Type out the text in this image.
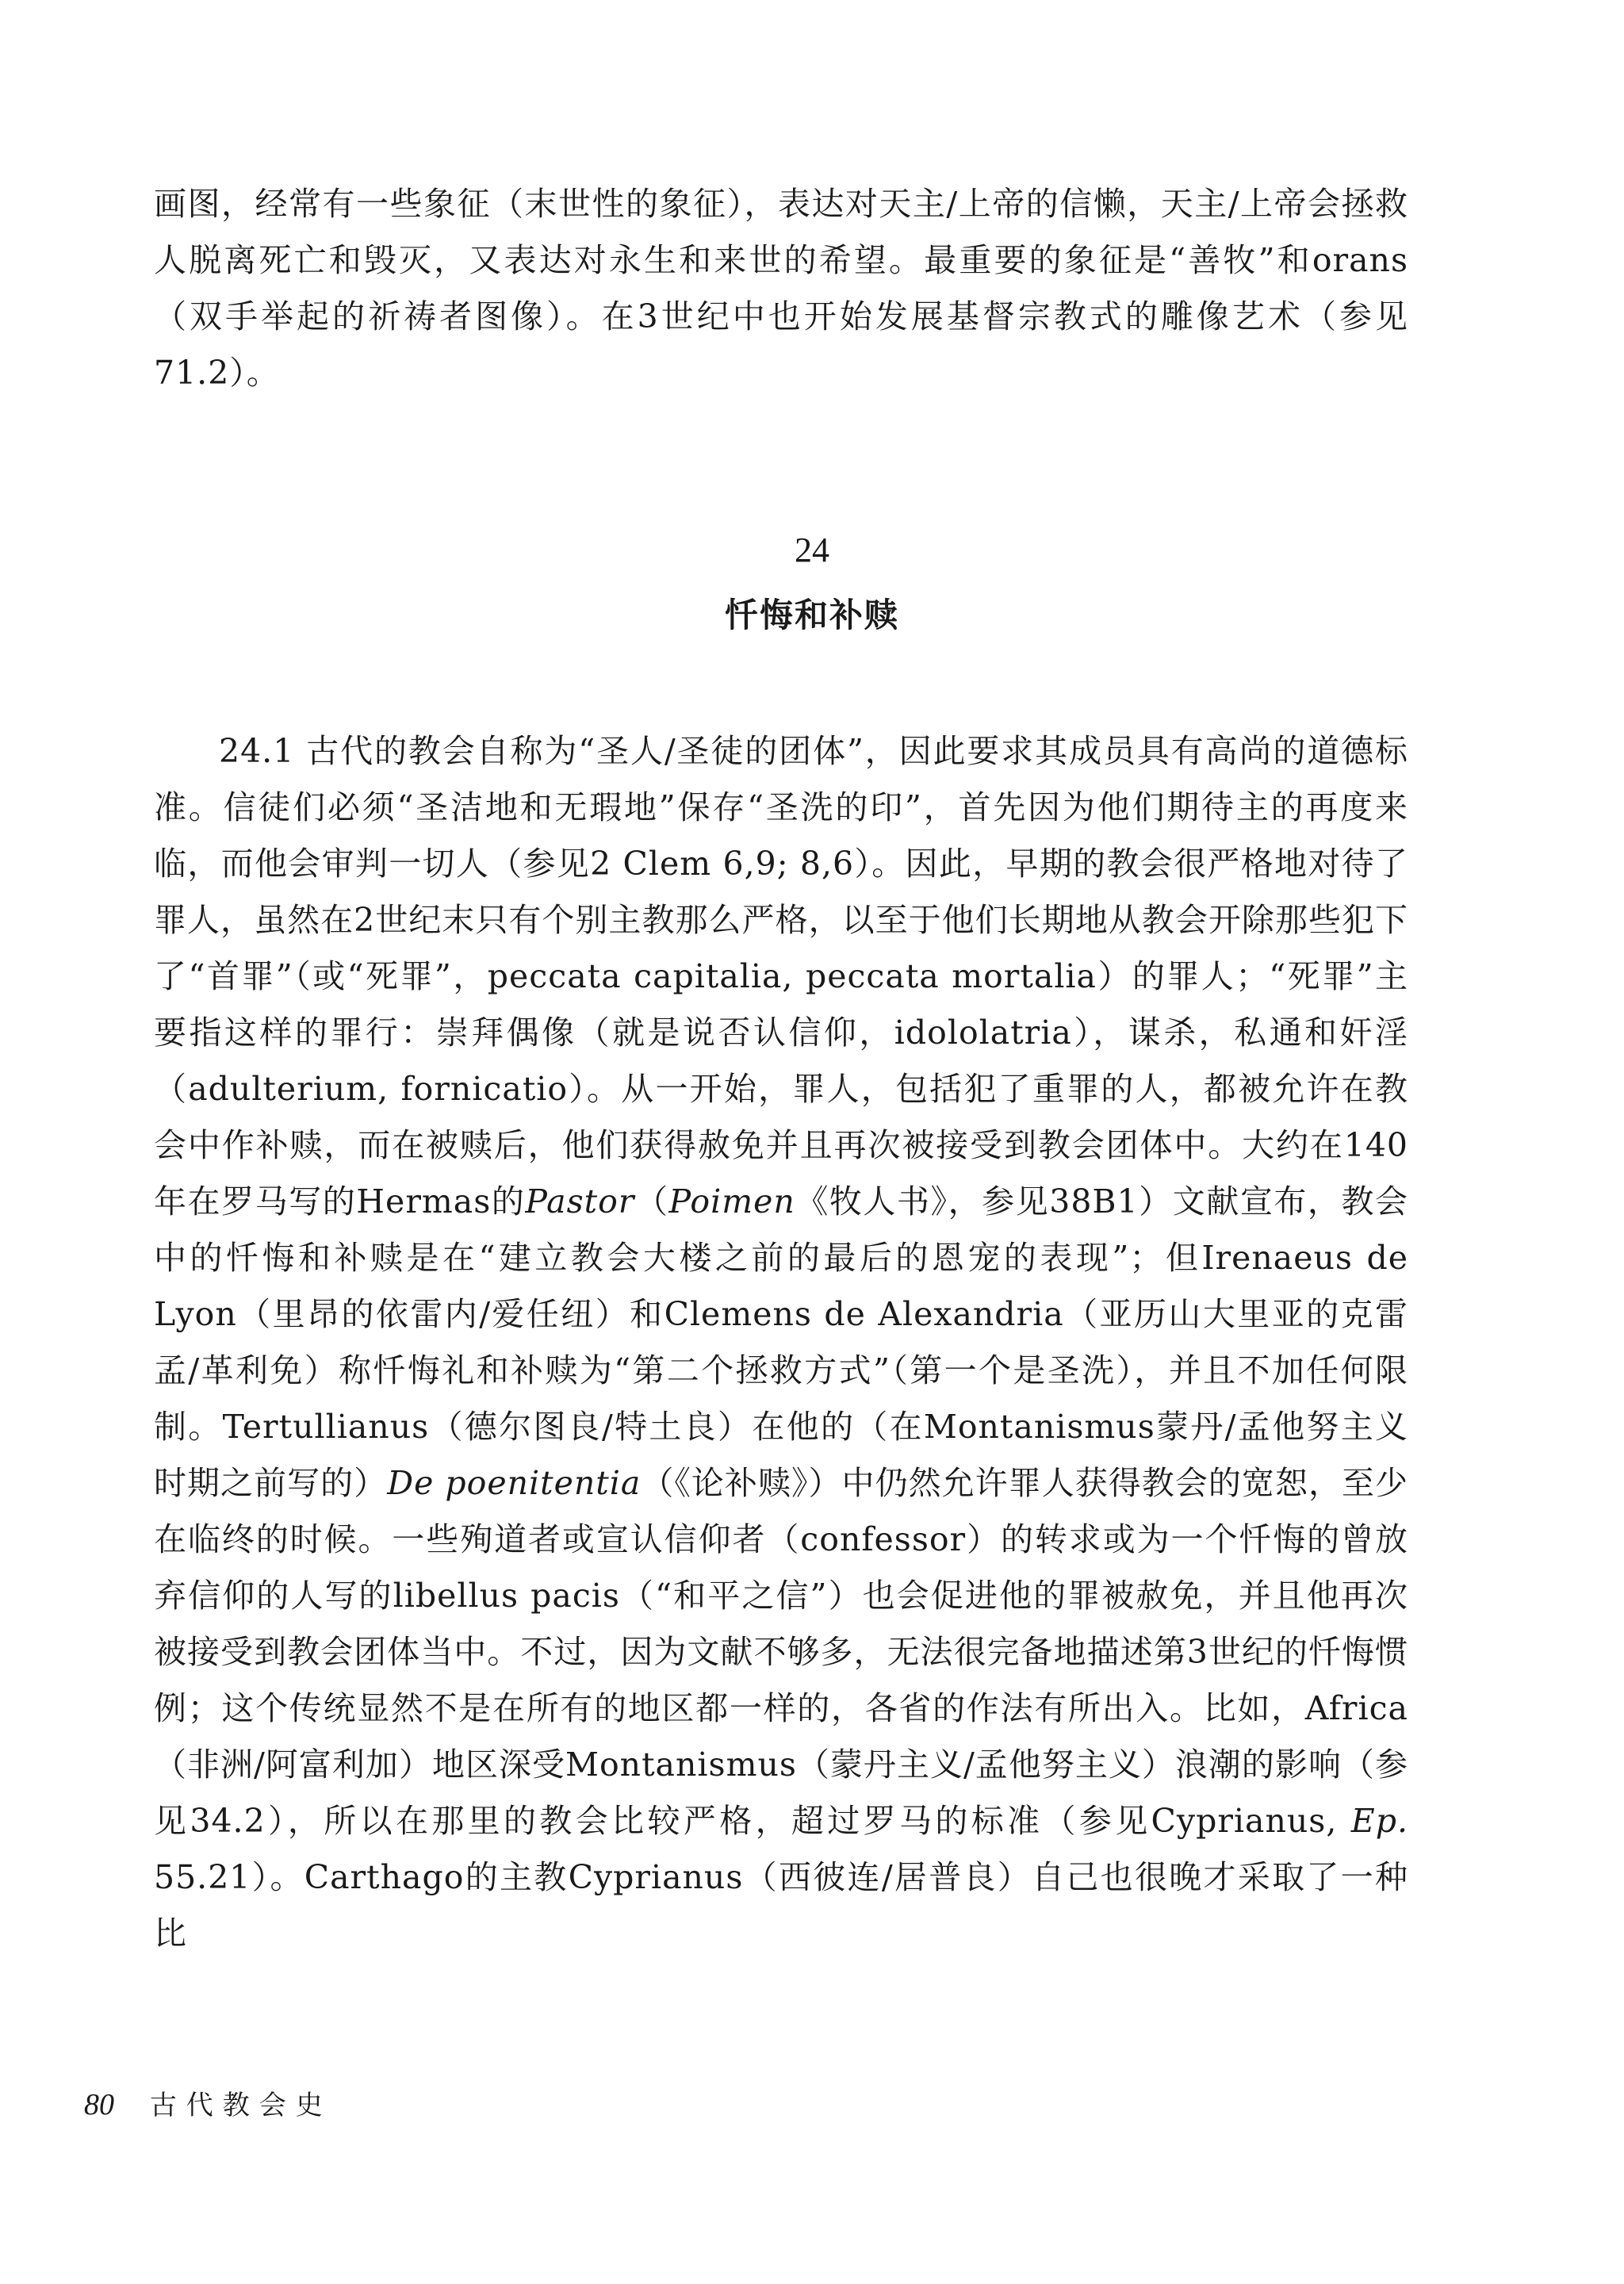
画图，经常有一些象征（末世性的象征），表达对天主/上帝的信懒，天主/上帝会拯救人脱离死亡和毁灭，又表达对永生和来世的希望。最重要的象征是“善牧”和orans（双手举起的祈祷者图像）。在3世纪中也开始发展基督宗教式的雕像艺术（参见71.2）。

24
忏悔和补赎

24.1 古代的教会自称为“圣人/圣徒的团体”，因此要求其成员具有高尚的道德标准。信徒们必须“圣洁地和无瑕地”保存“圣洗的印”，首先因为他们期待主的再度来临，而他会审判一切人（参见2 Clem 6,9; 8,6）。因此，早期的教会很严格地对待了罪人，虽然在2世纪末只有个别主教那么严格，以至于他们长期地从教会开除那些犯下了“首罪”（或“死罪”，peccata capitalia, peccata mortalia）的罪人；“死罪”主要指这样的罪行：崇拜偶像（就是说否认信仰，idololatria），谋杀，私通和奸淫（adulterium, fornicatio）。从一开始，罪人，包括犯了重罪的人，都被允许在教会中作补赎，而在被赎后，他们获得赦免并且再次被接受到教会团体中。大约在140年在罗马写的Hermas的Pastor（Poimen《牧人书》，参见38B1）文献宣布，教会中的忏悔和补赎是在“建立教会大楼之前的最后的恩宠的表现”；但Irenaeus de Lyon（里昂的依雷内/爱任纽）和Clemens de Alexandria（亚历山大里亚的克雷孟/革利免）称忏悔礼和补赎为“第二个拯救方式”（第一个是圣洗），并且不加任何限制。Tertullianus（德尔图良/特土良）在他的（在Montanismus蒙丹/孟他努主义时期之前写的）De poenitentia（《论补赎》）中仍然允许罪人获得教会的宽恕，至少在临终的时候。一些殉道者或宣认信仰者（confessor）的转求或为一个忏悔的曾放弃信仰的人写的libellus pacis（“和平之信”）也会促进他的罪被赦免，并且他再次被接受到教会团体当中。不过，因为文献不够多，无法很完备地描述第3世纪的忏悔惯例；这个传统显然不是在所有的地区都一样的，各省的作法有所出入。比如，Africa（非洲/阿富利加）地区深受Montanismus（蒙丹主义/孟他努主义）浪潮的影响（参见34.2），所以在那里的教会比较严格，超过罗马的标准（参见Cyprianus, Ep. 55.21）。Carthago的主教Cyprianus（西彼连/居普良）自己也很晚才采取了一种比

80 古代教会史
